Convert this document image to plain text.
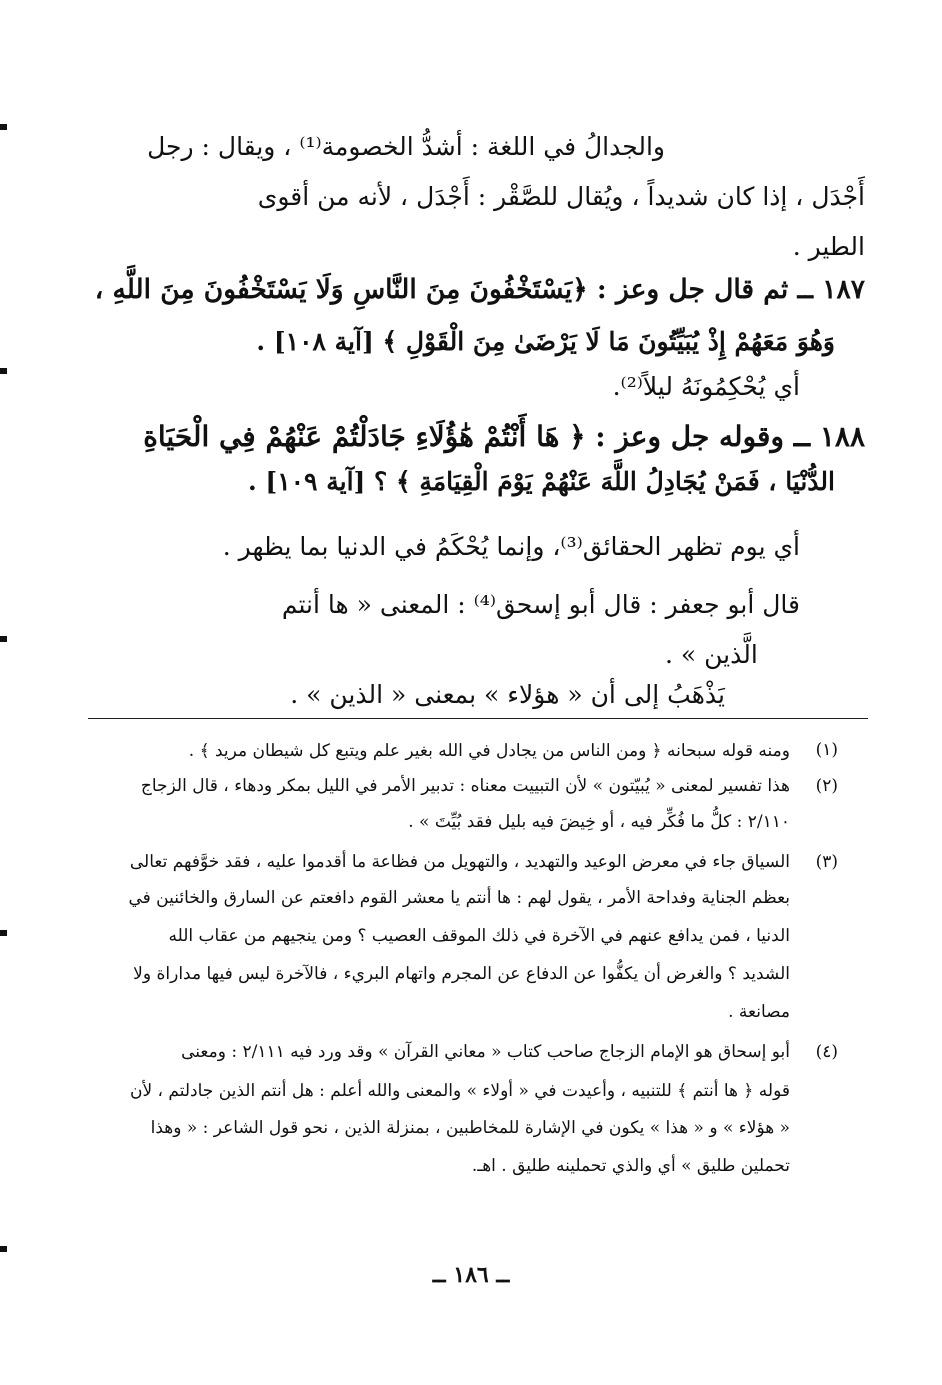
والجدالُ في اللغة : أشدُّ الخصومة⁽¹⁾ ، ويقال : رجل
أَجْدَل ، إذا كان شديداً ، ويُقال للصَّقْر : أَجْدَل ، لأنه من أقوى
الطير .
١٨٧ ــ ثم قال جل وعز : ﴿يَسْتَخْفُونَ مِنَ النَّاسِ وَلَا يَسْتَخْفُونَ مِنَ اللَّهِ ،
وَهُوَ مَعَهُمْ إِذْ يُبَيِّتُونَ مَا لَا يَرْضَىٰ مِنَ الْقَوْلِ ﴾ [آية ١٠٨] .
أي يُحْكِمُونَهُ ليلاً⁽²⁾.
١٨٨ ــ وقوله جل وعز : ﴿ هَا أَنْتُمْ هَٰؤُلَاءِ جَادَلْتُمْ عَنْهُمْ فِي الْحَيَاةِ
الدُّنْيَا ، فَمَنْ يُجَادِلُ اللَّهَ عَنْهُمْ يَوْمَ الْقِيَامَةِ ﴾ ؟ [آية ١٠٩] .
أي يوم تظهر الحقائق⁽³⁾، وإنما يُحْكَمُ في الدنيا بما يظهر .
قال أبو جعفر : قال أبو إسحق⁽⁴⁾ : المعنى « ها أنتم
الَّذين » .
يَذْهَبُ إلى أن « هؤلاء » بمعنى « الذين » .
(١)
ومنه قوله سبحانه ﴿ ومن الناس من يجادل في الله بغير علم ويتبع كل شيطان مريد ﴾ .
(٢)
هذا تفسير لمعنى « يُبيّتون » لأن التبييت معناه : تدبير الأمر في الليل بمكر ودهاء ، قال الزجاج
٢/١١٠ : كلُّ ما فُكِّر فيه ، أو خِيضَ فيه بليل فقد بُيِّتَ » .
(٣)
السياق جاء في معرض الوعيد والتهديد ، والتهويل من فظاعة ما أقدموا عليه ، فقد خوَّفهم تعالى
بعظم الجناية وفداحة الأمر ، يقول لهم : ها أنتم يا معشر القوم دافعتم عن السارق والخائنين في
الدنيا ، فمن يدافع عنهم في الآخرة في ذلك الموقف العصيب ؟ ومن ينجيهم من عقاب الله
الشديد ؟ والغرض أن يكفُّوا عن الدفاع عن المجرم واتهام البريء ، فالآخرة ليس فيها مداراة ولا
مصانعة .
(٤)
أبو إسحاق هو الإمام الزجاج صاحب كتاب « معاني القرآن » وقد ورد فيه ٢/١١١ : ومعنى
قوله ﴿ ها أنتم ﴾ للتنبيه ، وأعيدت في « أولاء » والمعنى والله أعلم : هل أنتم الذين جادلتم ، لأن
« هؤلاء » و « هذا » يكون في الإشارة للمخاطبين ، بمنزلة الذين ، نحو قول الشاعر : « وهذا
تحملين طليق » أي والذي تحملينه طليق . اهـ.
ــ ١٨٦ ــ
